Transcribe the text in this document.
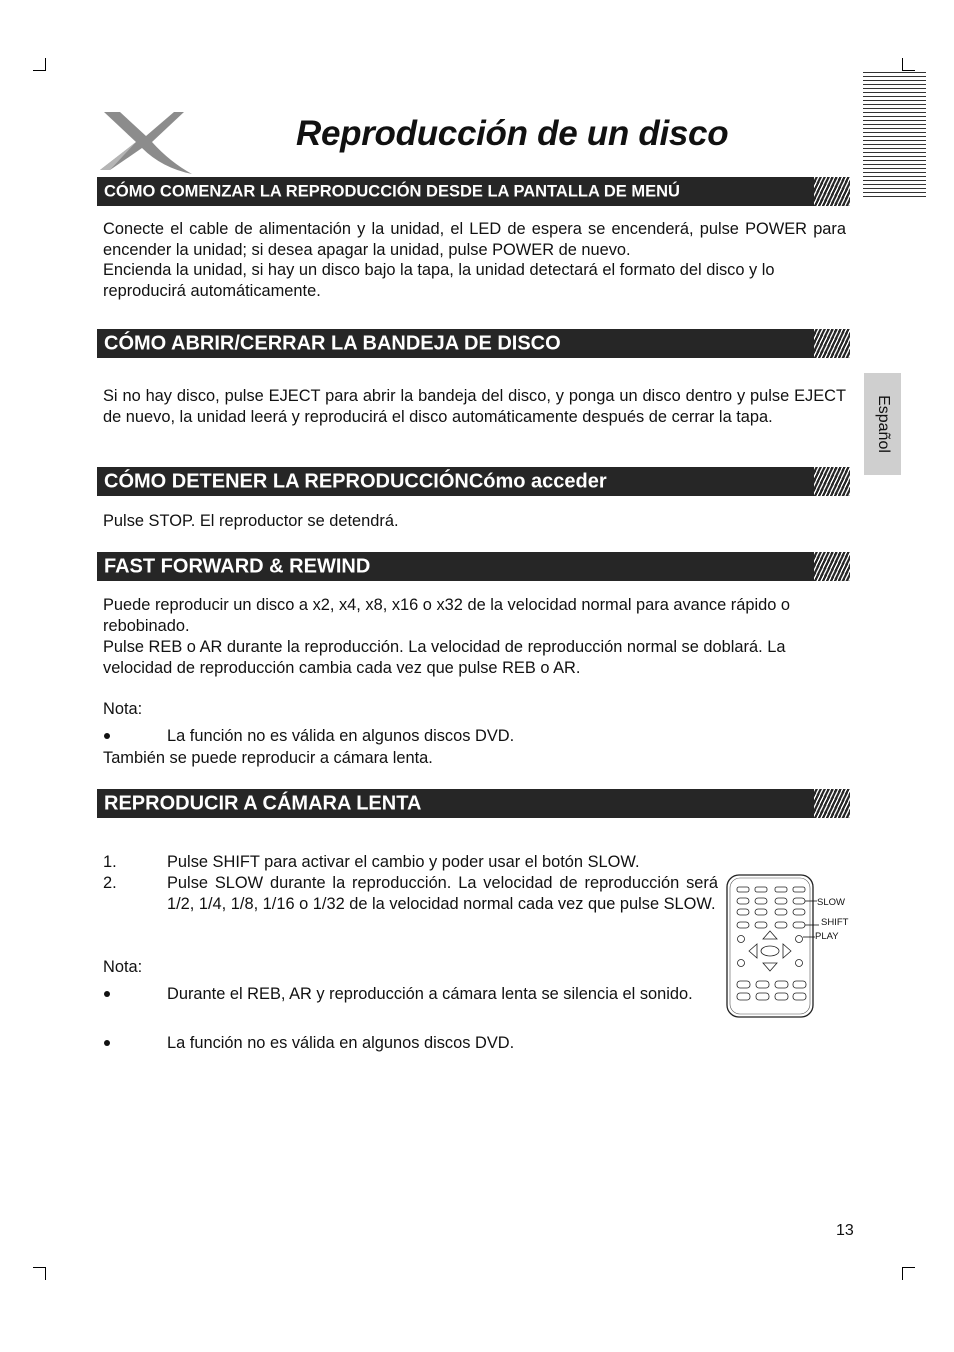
Español
Reproducción de un disco
CÓMO COMENZAR LA REPRODUCCIÓN DESDE LA PANTALLA DE MENÚ

Conecte el cable de alimentación y la unidad, el LED de espera se encenderá, pulse POWER para encender la unidad; si desea apagar la unidad, pulse POWER de nuevo.

Encienda la unidad, si hay un disco bajo la tapa, la unidad detectará el formato del disco y lo reproducirá automáticamente.

CÓMO ABRIR/CERRAR LA BANDEJA DE DISCO

Si no hay disco, pulse EJECT para abrir la bandeja del disco, y ponga un disco dentro y pulse EJECT de nuevo, la unidad leerá y reproducirá el disco automáticamente después de cerrar la tapa.

CÓMO DETENER LA REPRODUCCIÓNCómo acceder

Pulse STOP. El reproductor se detendrá.

FAST FORWARD & REWIND

Puede reproducir un disco a x2, x4, x8, x16 o x32 de la velocidad normal para avance rápido o rebobinado.

Pulse REB o AR durante la reproducción. La velocidad de reproducción normal se doblará. La velocidad de reproducción cambia cada vez que pulse REB o AR.

Nota:

La función no es válida en algunos discos DVD.

También se puede reproducir a cámara lenta.

REPRODUCIR A CÁMARA LENTA
1.	Pulse SHIFT para activar el cambio y poder usar el botón SLOW.
2.	Pulse SLOW durante la reproducción. La velocidad de reproducción será 1/2, 1/4, 1/8, 1/16 o 1/32 de la velocidad normal cada vez que pulse SLOW.

Nota:

Durante el REB, AR y reproducción a cámara lenta se silencia el sonido.
La función no es válida en algunos discos DVD.
SLOW
SHIFT
PLAY
13
